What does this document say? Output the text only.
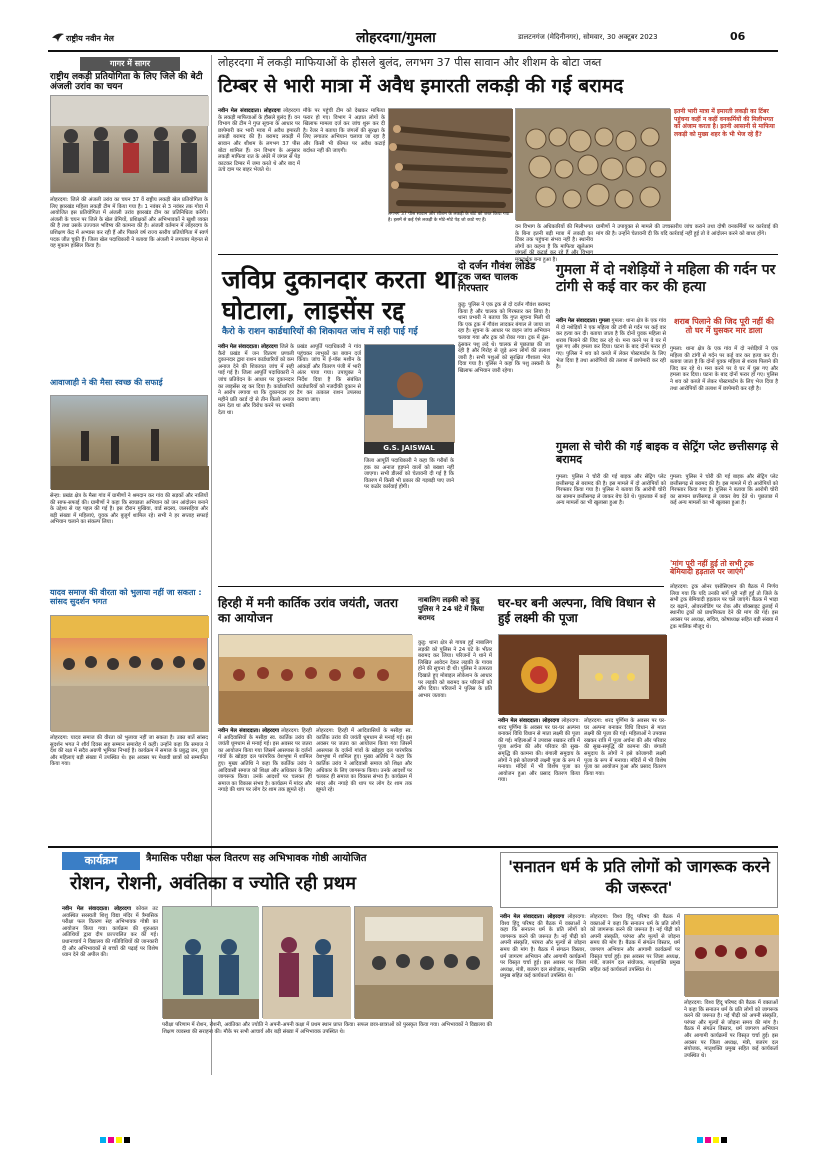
राष्ट्रीय नवीन मेल	लोहरदगा/गुमला	डालटनगंज (मेदिनीनगर), सोमवार, 30 अक्टूबर 2023	06
गागर में सागर
राष्ट्रीय लकड़ी प्रतियोगिता के लिए जिले की बेटी अंजली उरांव का चयन
लोहरदगा: जिले की अंजली उरांव का चयन 37 वें राष्ट्रीय लकड़ी खेल प्रतियोगिता के लिए झारखंड महिला लकड़ी टीम में किया गया है। 1 नवंबर से 3 नवंबर तक गोवा में आयोजित इस प्रतियोगिता में अंजली उरांव झारखंड टीम का प्रतिनिधित्व करेंगी। अंजली के चयन पर जिले के खेल प्रेमियों, प्रशिक्षकों और अभिभावकों ने खुशी व्यक्त की है तथा उसके उज्ज्वल भविष्य की कामना की है। अंजली वर्तमान में लोहरदगा के प्रशिक्षण केंद्र में अभ्यास कर रही हैं और पिछले वर्ष राज्य स्तरीय प्रतियोगिता में स्वर्ण पदक जीत चुकी हैं। जिला खेल पदाधिकारी ने बताया कि अंजली ने लगातार मेहनत से यह मुकाम हासिल किया है।
आवाजाही ने की मैसा स्वच्छ की सफाई
सेन्हा: प्रखंड क्षेत्र के मैसा गांव में ग्रामीणों ने श्रमदान कर गांव की सड़कों और नालियों की साफ-सफाई की। ग्रामीणों ने कहा कि स्वच्छता अभियान को जन आंदोलन बनाने के उद्देश्य से यह पहल की गई है। इस दौरान मुखिया, वार्ड सदस्य, जलसहिया और बड़ी संख्या में महिलाएं, युवक और बुजुर्ग शामिल रहे। सभी ने हर सप्ताह सफाई अभियान चलाने का संकल्प लिया।
यादव समाज की वीरता को भुलाया नहीं जा सकता : सांसद सुदर्शन भगत
लोहरदगा: यादव समाज की वीरता को भुलाया नहीं जा सकता है। उक्त बातें सांसद सुदर्शन भगत ने शौर्य दिवस सह सम्मान समारोह में कहीं। उन्होंने कहा कि समाज ने देश की रक्षा में सदैव अग्रणी भूमिका निभाई है। कार्यक्रम में समाज के प्रबुद्ध जन, युवा और महिलाएं बड़ी संख्या में उपस्थित थे। इस अवसर पर मेधावी छात्रों को सम्मानित किया गया।
लोहरदगा में लकड़ी माफियाओं के हौसले बुलंद, लगभग 37 पीस सावान और शीशम के बोटा जब्त
टिम्बर से भारी मात्रा में अवैध इमारती लकड़ी की गई बरामद
नवीन मेल संवाददाता। लोहरदगा लोहरदगा के लकड़ी माफियाओं के हौसले बुलंद हैं। वन विभाग की टीम ने गुप्त सूचना के आधार पर छापेमारी कर भारी मात्रा में अवैध इमारती लकड़ी बरामद की है। बरामद लकड़ी में सावान और शीशम के लगभग 37 पीस बोटा शामिल हैं। वन विभाग के अनुसार लकड़ी माफिया रात के अंधेरे में जंगल से पेड़ काटकर टिम्बर में जमा करते थे और बाद में ऊंचे दाम पर बाहर भेजते थे।
मौके पर पहुंची टीम को देखकर माफिया फरार हो गए। विभाग ने अज्ञात लोगों के खिलाफ मामला दर्ज कर जांच शुरू कर दी है। रेंजर ने बताया कि जंगलों की सुरक्षा के लिए लगातार अभियान चलाया जा रहा है और किसी भी कीमत पर अवैध कटाई बर्दाश्त नहीं की जाएगी।
लगभग 37 पीस सावान और शीशम के लकड़ी के बोटे को जब्त किया गया है। इसमें से कई ऐसे लकड़ी के मोटे-मोटे पेड़ जो काटे गए हैं।
इतनी भारी मात्रा में इमारती लकड़ी का टिंबर पहुंचना कहीं न कहीं वनकर्मियों की मिलीभगत को अंजाम करता है। इतनी आसानी से माफिया लकड़ी को मुख्य शहर के भी भेज रहे हैं?
वन विभाग के अधिकारियों की मिलीभगत के बिना इतनी बड़ी मात्रा में लकड़ी का टिंबर तक पहुंचना संभव नहीं है। स्थानीय लोगों का कहना है कि माफिया खुलेआम मूकदर्शक बना हुआ है।
ग्रामीणों ने उपायुक्त से मामले की उच्चस्तरीय जांच कराने तथा दोषी वनकर्मियों पर कार्रवाई की मांग की है। उन्होंने चेतावनी दी कि यदि कार्रवाई नहीं हुई तो वे आंदोलन करने को बाध्य होंगे।
जविप्र दुकानदार करता था घोटाला, लाइसेंस रद्द
कैरो के राशन कार्डधारियों की शिकायत जांच में सही पाई गई
नवीन मेल संवाददाता। लोहरदगा जिले के कैरो प्रखंड में जन वितरण प्रणाली दुकानदार द्वारा राशन कार्डधारियों को कम अनाज देने की शिकायत जांच में सही पाई गई है। जिला आपूर्ति पदाधिकारी ने जांच प्रतिवेदन के आधार पर दुकानदार का लाइसेंस रद्द कर दिया है। कार्डधारियों ने आरोप लगाया था कि दुकानदार हर महीने प्रति कार्ड दो से तीन किलो अनाज कम देता था और विरोध करने पर धमकी देता था।
प्रखंड आपूर्ति पदाधिकारी ने गांव पहुंचकर लाभुकों का बयान दर्ज किया। जांच में ई-पॉस मशीन के आंकड़ों और वितरण पंजी में भारी अंतर पाया गया। उपायुक्त ने निर्देश दिया है कि संबंधित कार्डधारियों को नजदीकी दुकान से टैग कर तत्काल राशन उपलब्ध कराया जाए।
G.S. JAISWAL
जिला आपूर्ति पदाधिकारी ने कहा कि गरीबों के हक का अनाज हड़पने वालों को बख्शा नहीं जाएगा। सभी डीलरों को चेतावनी दी गई है कि वितरण में किसी भी प्रकार की गड़बड़ी पाए जाने पर कठोर कार्रवाई होगी।
दो दर्जन गौवंश लोडेड ट्रक जब्त चालक गिरफ्तार
कुडू: पुलिस ने एक ट्रक से दो दर्जन गौवंश बरामद किया है और चालक को गिरफ्तार कर लिया है। थाना प्रभारी ने बताया कि गुप्त सूचना मिली थी कि एक ट्रक में गौवंश लादकर बंगाल ले जाया जा रहा है। सूचना के आधार पर वाहन जांच अभियान चलाया गया और ट्रक को रोका गया। ट्रक में ठूंस-ठूंसकर पशु लदे थे। चालक से पूछताछ की जा रही है और गिरोह से जुड़े अन्य लोगों की तलाश जारी है। सभी पशुओं को सुरक्षित गौशाला भेज दिया गया है। पुलिस ने कहा कि पशु तस्करी के खिलाफ अभियान जारी रहेगा।
गुमला में दो नशेड़ियों ने महिला की गर्दन पर टांगी से कई वार कर की हत्या
नवीन मेल संवाददाता। गुमला गुमला: थाना क्षेत्र के एक गांव में दो नशेड़ियों ने एक महिला की टांगी से गर्दन पर कई वार कर हत्या कर दी। बताया जाता है कि दोनों युवक महिला से शराब पिलाने की जिद कर रहे थे। मना करने पर वे घर में घुस गए और हमला कर दिया। घटना के बाद दोनों फरार हो गए। पुलिस ने शव को कब्जे में लेकर पोस्टमार्टम के लिए भेज दिया है तथा आरोपियों की तलाश में छापेमारी कर रही है।
शराब पिलाने की जिद पूरी नहीं की तो घर में घुसकर मार डाला
गुमला: थाना क्षेत्र के एक गांव में दो नशेड़ियों ने एक महिला की टांगी से गर्दन पर कई वार कर हत्या कर दी। बताया जाता है कि दोनों युवक महिला से शराब पिलाने की जिद कर रहे थे। मना करने पर वे घर में घुस गए और हमला कर दिया। घटना के बाद दोनों फरार हो गए। पुलिस ने शव को कब्जे में लेकर पोस्टमार्टम के लिए भेज दिया है तथा आरोपियों की तलाश में छापेमारी कर रही है।
गुमला से चोरी की गई बाइक व सेट्रिंग प्लेट छत्तीसगढ़ से बरामद
गुमला: पुलिस ने चोरी की गई बाइक और सेट्रिंग प्लेट छत्तीसगढ़ से बरामद की है। इस मामले में दो आरोपियों को गिरफ्तार किया गया है। पुलिस ने बताया कि आरोपी चोरी का सामान छत्तीसगढ़ ले जाकर बेच देते थे। पूछताछ में कई अन्य मामलों का भी खुलासा हुआ है।
गुमला: पुलिस ने चोरी की गई बाइक और सेट्रिंग प्लेट छत्तीसगढ़ से बरामद की है। इस मामले में दो आरोपियों को गिरफ्तार किया गया है। पुलिस ने बताया कि आरोपी चोरी का सामान छत्तीसगढ़ ले जाकर बेच देते थे। पूछताछ में कई अन्य मामलों का भी खुलासा हुआ है।
'मांग पूरी नहीं हुई तो सभी ट्रक बेमियादी हड़ताल पर जाएंगे'
लोहरदगा: ट्रक ओनर एसोसिएशन की बैठक में निर्णय लिया गया कि यदि उनकी मांगें पूरी नहीं हुईं तो जिले के सभी ट्रक बेमियादी हड़ताल पर चले जाएंगे। बैठक में भाड़ा दर बढ़ाने, ओवरलोडिंग पर रोक और बॉक्साइट ढुलाई में स्थानीय ट्रकों को प्राथमिकता देने की मांग की गई। इस अवसर पर अध्यक्ष, सचिव, कोषाध्यक्ष सहित बड़ी संख्या में ट्रक मालिक मौजूद थे।
हिरही में मनी कार्तिक उरांव जयंती, जतरा का आयोजन
नवीन मेल संवाददाता। लोहरदगा लोहरदगा: हिरही में आदिवासियों के मसीहा स्व. कार्तिक उरांव की जयंती धूमधाम से मनाई गई। इस अवसर पर जतरा का आयोजन किया गया जिसमें आसपास के दर्जनों गांवों के खोड़हा दल पारंपरिक वेशभूषा में शामिल हुए। मुख्य अतिथि ने कहा कि कार्तिक उरांव ने आदिवासी समाज को शिक्षा और अधिकार के लिए जागरूक किया। उनके आदर्शों पर चलकर ही समाज का विकास संभव है। कार्यक्रम में मांदर और नगाड़े की थाप पर लोग देर शाम तक झूमते रहे।
लोहरदगा: हिरही में आदिवासियों के मसीहा स्व. कार्तिक उरांव की जयंती धूमधाम से मनाई गई। इस अवसर पर जतरा का आयोजन किया गया जिसमें आसपास के दर्जनों गांवों के खोड़हा दल पारंपरिक वेशभूषा में शामिल हुए। मुख्य अतिथि ने कहा कि कार्तिक उरांव ने आदिवासी समाज को शिक्षा और अधिकार के लिए जागरूक किया। उनके आदर्शों पर चलकर ही समाज का विकास संभव है। कार्यक्रम में मांदर और नगाड़े की थाप पर लोग देर शाम तक झूमते रहे।
नाबालिग लड़की को कुडू पुलिस ने 24 घंटे में किया बरामद
कुडू: थाना क्षेत्र से गायब हुई नाबालिग लड़की को पुलिस ने 24 घंटे के भीतर बरामद कर लिया। परिजनों ने थाने में लिखित आवेदन देकर लड़की के गायब होने की सूचना दी थी। पुलिस ने तत्परता दिखाते हुए मोबाइल लोकेशन के आधार पर लड़की को बरामद कर परिजनों को सौंप दिया। परिजनों ने पुलिस के प्रति आभार जताया।
घर-घर बनी अल्पना, विधि विधान से हुई लक्ष्मी की पूजा
नवीन मेल संवाददाता। लोहरदगा लोहरदगा: शरद पूर्णिमा के अवसर पर घर-घर अल्पना बनाकर विधि विधान से माता लक्ष्मी की पूजा की गई। महिलाओं ने उपवास रखकर रात्रि में पूजा अर्चना की और परिवार की सुख-समृद्धि की कामना की। बंगाली समुदाय के लोगों ने इसे कोजागरी लक्ष्मी पूजा के रूप में मनाया। मंदिरों में भी विशेष पूजा का आयोजन हुआ और प्रसाद वितरण किया गया।
लोहरदगा: शरद पूर्णिमा के अवसर पर घर-घर अल्पना बनाकर विधि विधान से माता लक्ष्मी की पूजा की गई। महिलाओं ने उपवास रखकर रात्रि में पूजा अर्चना की और परिवार की सुख-समृद्धि की कामना की। बंगाली समुदाय के लोगों ने इसे कोजागरी लक्ष्मी पूजा के रूप में मनाया। मंदिरों में भी विशेष पूजा का आयोजन हुआ और प्रसाद वितरण किया गया।
कार्यक्रम	त्रैमासिक परीक्षा फल वितरण सह अभिभावक गोष्ठी आयोजित
रोशन, रोशनी, अवंतिका व ज्योति रही प्रथम
नवीन मेल संवाददाता। लोहरदगा कोयल तट अवस्थित सरस्वती शिशु विद्या मंदिर में त्रैमासिक परीक्षा फल वितरण सह अभिभावक गोष्ठी का आयोजन किया गया। कार्यक्रम की शुरुआत अतिथियों द्वारा दीप प्रज्ज्वलित कर की गई। प्रधानाचार्य ने विद्यालय की गतिविधियों की जानकारी दी और अभिभावकों से बच्चों की पढ़ाई पर विशेष ध्यान देने की अपील की।
परीक्षा परिणाम में रोशन, रोशनी, अवंतिका और ज्योति ने अपनी-अपनी कक्षा में प्रथम स्थान प्राप्त किया। सफल छात्र-छात्राओं को पुरस्कृत किया गया। अभिभावकों ने विद्यालय की शिक्षण व्यवस्था की सराहना की। मौके पर सभी आचार्य और बड़ी संख्या में अभिभावक उपस्थित थे।
'सनातन धर्म के प्रति लोगों को जागरूक करने की जरूरत'
नवीन मेल संवाददाता। लोहरदगा लोहरदगा: विश्व हिंदू परिषद की बैठक में वक्ताओं ने कहा कि सनातन धर्म के प्रति लोगों को जागरूक करने की जरूरत है। नई पीढ़ी को अपनी संस्कृति, परंपरा और मूल्यों से जोड़ना समय की मांग है। बैठक में संगठन विस्तार, धर्म जागरण अभियान और आगामी कार्यक्रमों पर विस्तृत चर्चा हुई। इस अवसर पर जिला अध्यक्ष, मंत्री, बजरंग दल संयोजक, मातृशक्ति प्रमुख सहित कई कार्यकर्ता उपस्थित थे।
लोहरदगा: विश्व हिंदू परिषद की बैठक में वक्ताओं ने कहा कि सनातन धर्म के प्रति लोगों को जागरूक करने की जरूरत है। नई पीढ़ी को अपनी संस्कृति, परंपरा और मूल्यों से जोड़ना समय की मांग है। बैठक में संगठन विस्तार, धर्म जागरण अभियान और आगामी कार्यक्रमों पर विस्तृत चर्चा हुई। इस अवसर पर जिला अध्यक्ष, मंत्री, बजरंग दल संयोजक, मातृशक्ति प्रमुख सहित कई कार्यकर्ता उपस्थित थे।
लोहरदगा: विश्व हिंदू परिषद की बैठक में वक्ताओं ने कहा कि सनातन धर्म के प्रति लोगों को जागरूक करने की जरूरत है। नई पीढ़ी को अपनी संस्कृति, परंपरा और मूल्यों से जोड़ना समय की मांग है। बैठक में संगठन विस्तार, धर्म जागरण अभियान और आगामी कार्यक्रमों पर विस्तृत चर्चा हुई। इस अवसर पर जिला अध्यक्ष, मंत्री, बजरंग दल संयोजक, मातृशक्ति प्रमुख सहित कई कार्यकर्ता उपस्थित थे।
